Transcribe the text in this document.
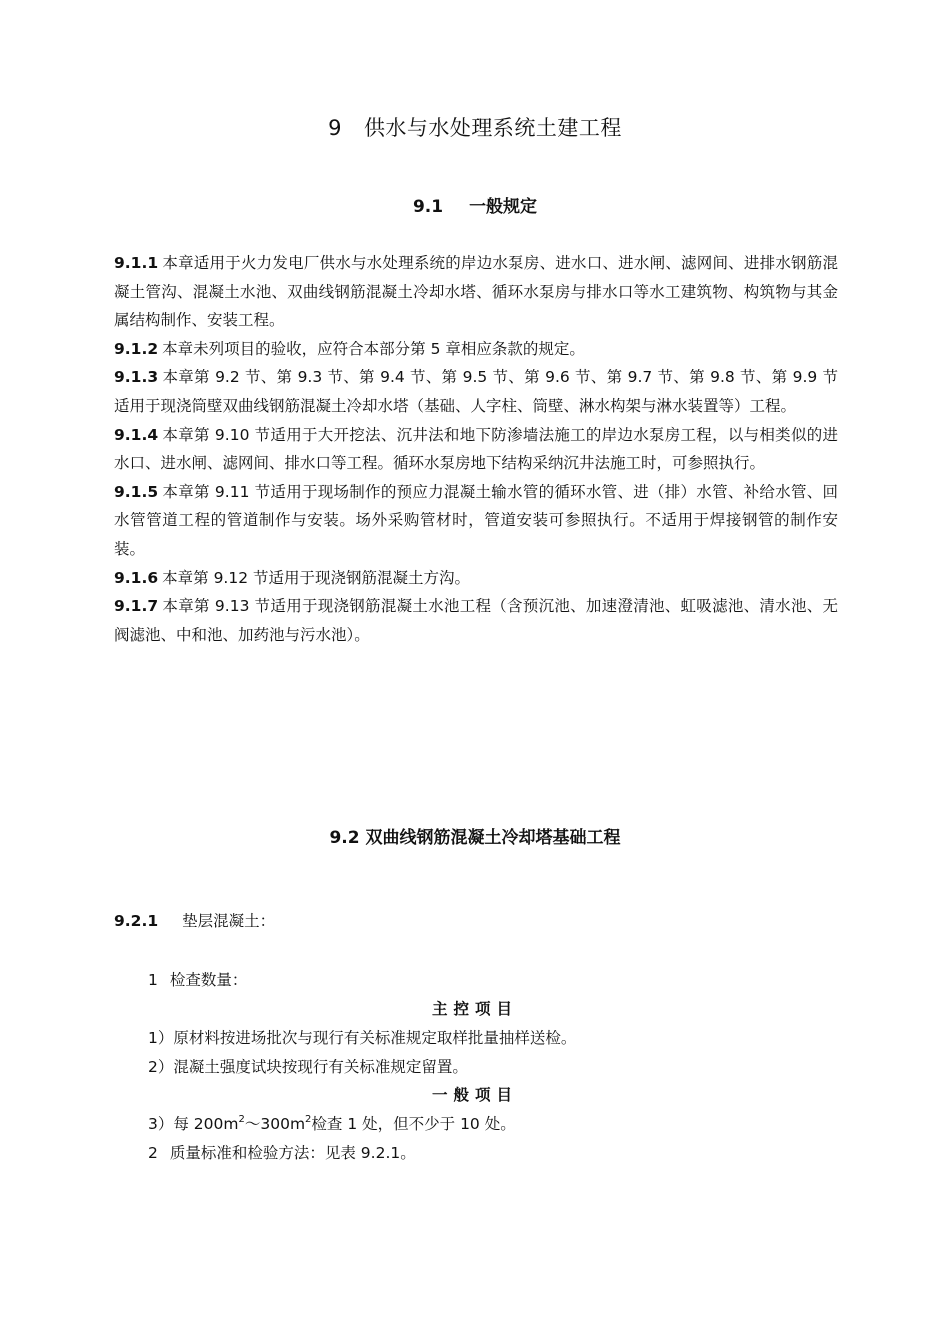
9 供水与水处理系统土建工程
9.1 一般规定

9.1.1 本章适用于火力发电厂供水与水处理系统的岸边水泵房、进水口、进水闸、滤网间、进排水钢筋混凝土管沟、混凝土水池、双曲线钢筋混凝土冷却水塔、循环水泵房与排水口等水工建筑物、构筑物与其金属结构制作、安装工程。

9.1.2 本章未列项目的验收，应符合本部分第 5 章相应条款的规定。

9.1.3 本章第 9.2 节、第 9.3 节、第 9.4 节、第 9.5 节、第 9.6 节、第 9.7 节、第 9.8 节、第 9.9 节适用于现浇筒壁双曲线钢筋混凝土冷却水塔（基础、人字柱、筒壁、淋水构架与淋水装置等）工程。

9.1.4 本章第 9.10 节适用于大开挖法、沉井法和地下防渗墙法施工的岸边水泵房工程，以与相类似的进水口、进水闸、滤网间、排水口等工程。循环水泵房地下结构采纳沉井法施工时，可参照执行。

9.1.5 本章第 9.11 节适用于现场制作的预应力混凝土输水管的循环水管、进（排）水管、补给水管、回水管管道工程的管道制作与安装。场外采购管材时，管道安装可参照执行。不适用于焊接钢管的制作安装。

9.1.6 本章第 9.12 节适用于现浇钢筋混凝土方沟。

9.1.7 本章第 9.13 节适用于现浇钢筋混凝土水池工程（含预沉池、加速澄清池、虹吸滤池、清水池、无阀滤池、中和池、加药池与污水池）。

9.2 双曲线钢筋混凝土冷却塔基础工程
9.2.1 垫层混凝土：
1 检查数量：
主控项目
1）原材料按进场批次与现行有关标准规定取样批量抽样送检。
2）混凝土强度试块按现行有关标准规定留置。
一般项目
3）每 $200m^2\sim 300m^2$检查 1 处，但不少于 10 处。
2 质量标准和检验方法：见表 9.2.1。
